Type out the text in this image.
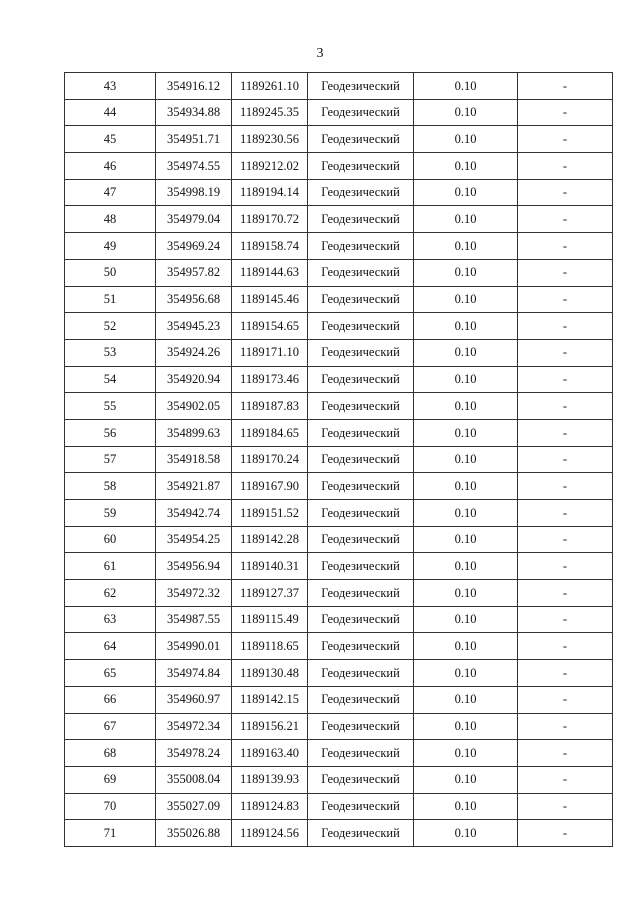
3
43	354916.12	1189261.10	Геодезический	0.10	-
44	354934.88	1189245.35	Геодезический	0.10	-
45	354951.71	1189230.56	Геодезический	0.10	-
46	354974.55	1189212.02	Геодезический	0.10	-
47	354998.19	1189194.14	Геодезический	0.10	-
48	354979.04	1189170.72	Геодезический	0.10	-
49	354969.24	1189158.74	Геодезический	0.10	-
50	354957.82	1189144.63	Геодезический	0.10	-
51	354956.68	1189145.46	Геодезический	0.10	-
52	354945.23	1189154.65	Геодезический	0.10	-
53	354924.26	1189171.10	Геодезический	0.10	-
54	354920.94	1189173.46	Геодезический	0.10	-
55	354902.05	1189187.83	Геодезический	0.10	-
56	354899.63	1189184.65	Геодезический	0.10	-
57	354918.58	1189170.24	Геодезический	0.10	-
58	354921.87	1189167.90	Геодезический	0.10	-
59	354942.74	1189151.52	Геодезический	0.10	-
60	354954.25	1189142.28	Геодезический	0.10	-
61	354956.94	1189140.31	Геодезический	0.10	-
62	354972.32	1189127.37	Геодезический	0.10	-
63	354987.55	1189115.49	Геодезический	0.10	-
64	354990.01	1189118.65	Геодезический	0.10	-
65	354974.84	1189130.48	Геодезический	0.10	-
66	354960.97	1189142.15	Геодезический	0.10	-
67	354972.34	1189156.21	Геодезический	0.10	-
68	354978.24	1189163.40	Геодезический	0.10	-
69	355008.04	1189139.93	Геодезический	0.10	-
70	355027.09	1189124.83	Геодезический	0.10	-
71	355026.88	1189124.56	Геодезический	0.10	-
